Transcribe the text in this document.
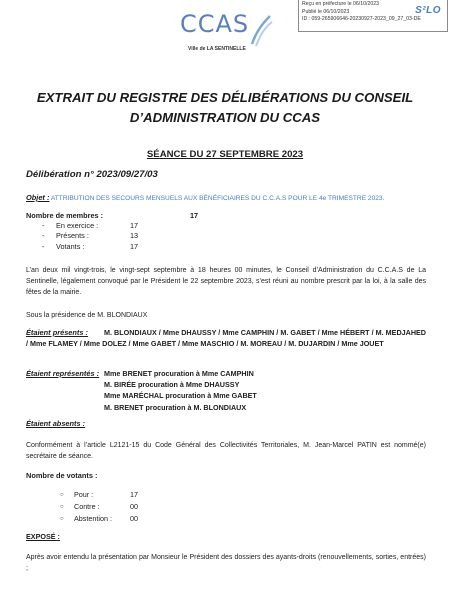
Reçu en préfecture le 06/10/2023
Publié le 06/10/2023
ID : 059-265906646-20230927-2023_09_27_03-DE
S²LO
CCAS
Ville de LA SENTINELLE
EXTRAIT DU REGISTRE DES DÉLIBÉRATIONS DU CONSEIL
D’ADMINISTRATION DU CCAS
SÉANCE DU 27 SEPTEMBRE 2023
Délibération n° 2023/09/27/03
Objet : ATTRIBUTION DES SECOURS MENSUELS AUX BÉNÉFICIAIRES DU C.C.A.S POUR LE 4e TRIMESTRE 2023.
Nombre de membres :	17
-	En exercice :	17
-	Présents :	13
-	Votants :	17
L’an deux mil vingt-trois, le vingt-sept septembre à 18 heures 00 minutes, le Conseil d’Administration du C.C.A.S de La Sentinelle, légalement convoqué par le Président le 22 septembre 2023, s’est réuni au nombre prescrit par la loi, à la salle des fêtes de la mairie.
Sous la présidence de M. BLONDIAUX
Étaient présents :	M. BLONDIAUX / Mme DHAUSSY / Mme CAMPHIN / M. GABET / Mme HÉBERT / M. MEDJAHED / Mme FLAMEY / Mme DOLEZ / Mme GABET / Mme MASCHIO / M. MOREAU / M. DUJARDIN / Mme JOUET
Étaient représentés : Mme BRENET procuration à Mme CAMPHIN
M. BIRÉE procuration à Mme DHAUSSY
Mme MARÉCHAL procuration à Mme GABET
M. BRENET procuration à M. BLONDIAUX
Étaient absents :
Conformément à l’article L2121-15 du Code Général des Collectivités Territoriales, M. Jean-Marcel PATIN est nommé(e) secrétaire de séance.
Nombre de votants :
○	Pour :	17
○	Contre :	00
○	Abstention :	00
EXPOSÉ :
Après avoir entendu la présentation par Monsieur le Président des dossiers des ayants-droits (renouvellements, sorties, entrées) ;
